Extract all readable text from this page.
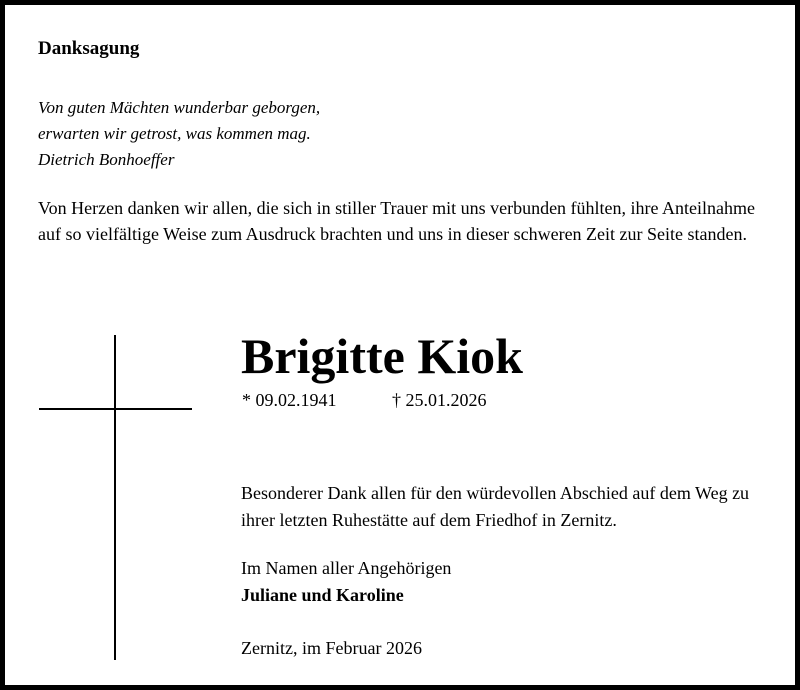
Danksagung
Von guten Mächten wunderbar geborgen,
erwarten wir getrost, was kommen mag.
Dietrich Bonhoeffer
Von Herzen danken wir allen, die sich in stiller Trauer mit uns verbunden fühlten, ihre Anteilnahme auf so vielfältige Weise zum Ausdruck brachten und uns in dieser schweren Zeit zur Seite standen.
Brigitte Kiok
* 09.02.1941	† 25.01.2026
Besonderer Dank allen für den würdevollen Abschied auf dem Weg zu ihrer letzten Ruhestätte auf dem Friedhof in Zernitz.
Im Namen aller Angehörigen
Juliane und Karoline
Zernitz, im Februar 2026
